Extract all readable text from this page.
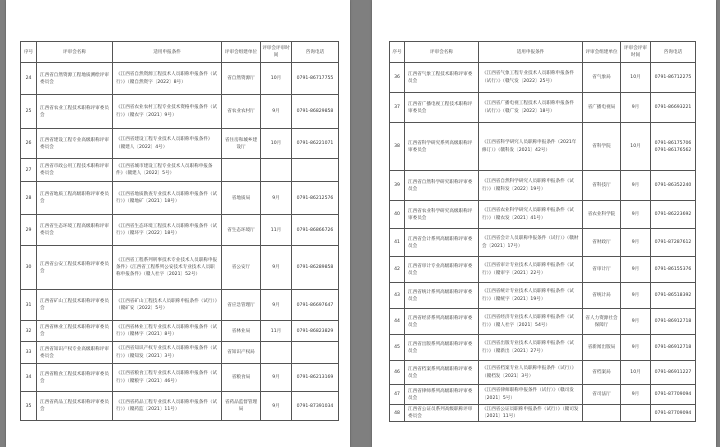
序号	评审会名称	适用申报条件	评审会组建单位	评审会评审时间	咨询电话
24	江西省自然资源工程地质测绘评审委员会	《江西省自然资源工程技术人员职称申报条件（试行）》（赣自然资字〔2022〕8号）	省自然资源厅	10月	0791-86717755
25	江西省农业工程技术职称评审委员会	《江西省农业农村工程专业技术资格申报条件（试行）》（赣农字〔2021〕9号）	省农业农村厅	9月	0791-86829858
26	江西省建设工程专业高级职称评审委员会	《江西省建设工程专业技术人员职称申报条件》（赣建人〔2022〕4号）	省住房和城乡建设厅	10月	0791-86221071
27	江西省市政公用工程技术职称评审委员会	《江西省城市建设工程专业技术人员职称申报条件》（赣建人〔2022〕5号）			
28	江西省地质工程高级职称评审委员会	《江西省地质勘查专业技术人员职称申报条件（试行）》（赣地矿〔2021〕18号）	省地质局	9月	0791-86212576
29	江西省生态环境工程高级职称评审委员会	《江西省生态环境工程技术人员职称申报条件（试行）》（赣环字〔2022〕18号）	省生态环境厅	11月	0791-86866726
30	江西省公安工程技术职称评审委员会	《江西省工程系列刑事技术专业技术人员职称申报条件》《江西省工程系列公安技术专业技术人员职称申报条件》（赣人社字〔2021〕52号）	省公安厅	9月	0791-86289858
31	江西省矿山工程技术职称评审委员会	《江西省矿山工程技术人员职称申报条件（试行）》（赣矿安〔2022〕5号）	省应急管理厅	9月	0791-86697647
32	江西省林业工程技术职称评审委员会	《江西省林业工程专业技术人员职称申报条件（试行）》（赣林字〔2021〕8号）	省林业局	11月	0791-86823829
33	江西省知识产权专业高级职称评审委员会	《江西省知识产权专业技术人员职称申报条件（试行）》（赣知发〔2021〕3号）	省知识产权局		
34	江西省粮食工程技术职称评审委员会	《江西省粮食工程专业技术人员职称申报条件（试行）》（赣粮字〔2021〕46号）	省粮食局	9月	0791-86213169
35	江西省药品工程技术职称评审委员会	《江西省药品工程专业技术人员职称申报条件（试行）》（赣药监〔2021〕11号）	省药品监督管理局	9月	0791-87391034
序号	评审会名称	适用申报条件	评审会组建单位	评审会评审时间	咨询电话
36	江西省气象工程技术职称评审委员会	《江西省气象工程专业技术人员职称申报条件（试行）》（赣气发〔2022〕25号）	省气象局	10月	0791-86712275
37	江西省广播电视工程技术职称评审委员会	《江西省广播电视工程技术人员职称申报条件（试行）》（赣广发〔2022〕18号）	省广播电视局	9月	0791-86693221
38	江西省科学研究系列高级职称评审委员会	《江西省科学研究人员职称申报条件（2021年修订）》（赣科发〔2021〕42号）	省科学院	10月	0791-86175706 0791-86176562
39	江西省自然科学研究职称评审委员会	《江西省自然科学研究人员职称申报条件（试行）》（赣科发〔2022〕19号）	省科技厅	9月	0791-86352240
40	江西省农业科学研究高级职称评审委员会	《江西省农业科学研究人员职称申报条件（试行）》（赣农发〔2021〕41号）	省农业科学院	9月	0791-86223692
41	江西省会计系列高级职称评审委员会	《江西省会计人员职称申报条件（试行）》（赣财会〔2021〕17号）	省财政厅	9月	0791-87287612
42	江西省审计专业高级职称评审委员会	《江西省审计专业技术人员职称申报条件（试行）》（赣审字〔2021〕22号）	省审计厅	9月	0791-86155376
43	江西省统计系列高级职称评审委员会	《江西省统计专业技术人员职称申报条件（试行）》（赣统字〔2021〕19号）	省统计局	9月	0791-86518392
44	江西省经济系列高级职称评审委员会	《江西省经济专业技术人员职称申报条件（试行）》（赣人社字〔2021〕54号）	省人力资源社会保障厅	9月	0791-86912718
45	江西省出版系列高级职称评审委员会	《江西省出版专业技术人员职称申报条件（试行）》（赣新出〔2021〕27号）	省新闻出版局	9月	0791-86912718
46	江西省档案系列高级职称评审委员会	《江西省档案专业人员职称申报条件（试行）》（赣档发〔2021〕3号）	省档案局	10月	0791-86911227
47	江西省律师系列高级职称评审委员会	《江西省律师职称申报条件（试行）》（赣司发〔2021〕5号）	省司法厅	9月	0791-87709094
48	江西省公证员系列高级职称评审委员会	《江西省公证员职称申报条件（试行）》（赣司发〔2021〕11号）			0791-87709094
